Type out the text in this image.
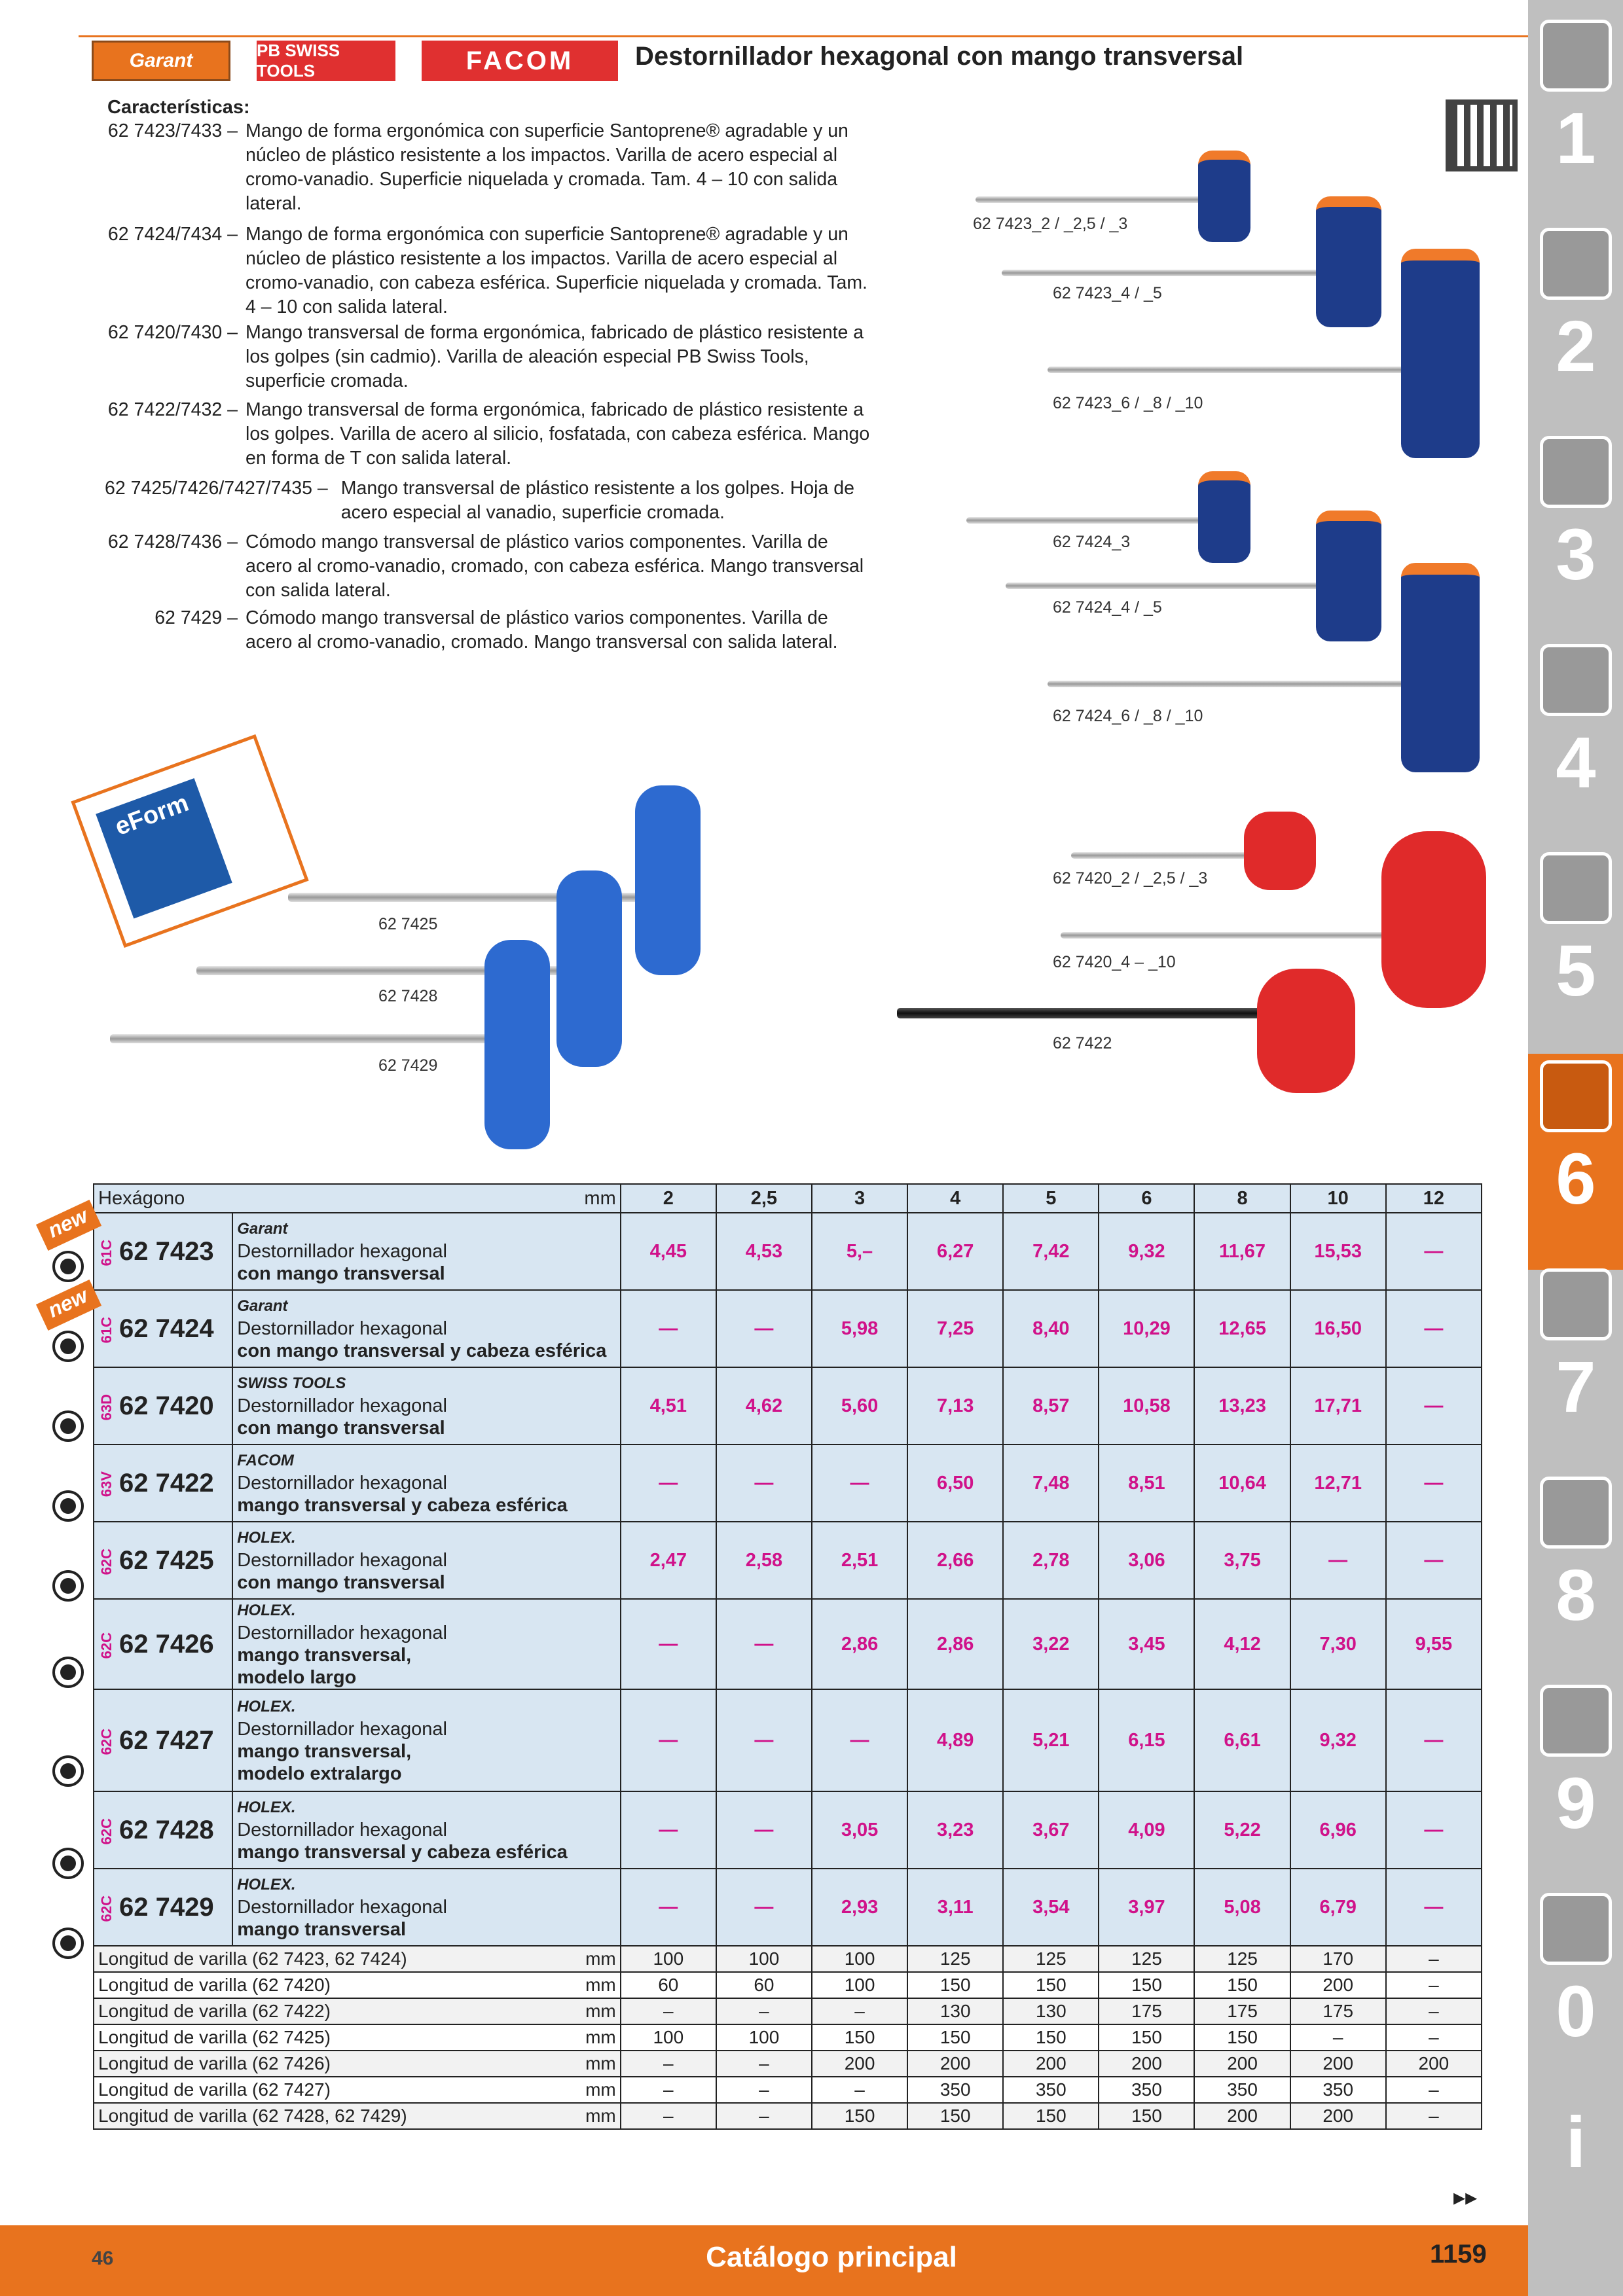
Garant	PB SWISS TOOLS	FACOM Destornillador hexagonal con mango transversal
Características:
62 7423/7433 – Mango de forma ergonómica con superficie Santoprene® agradable y un núcleo de plástico resistente a los impactos. Varilla de acero especial al cromo-vanadio. Superficie niquelada y cromada. Tam. 4 – 10 con salida lateral.
62 7424/7434 – Mango de forma ergonómica con superficie Santoprene® agradable y un núcleo de plástico resistente a los impactos. Varilla de acero especial al cromo-vanadio, con cabeza esférica. Superficie niquelada y cromada. Tam. 4 – 10 con salida lateral.
62 7420/7430 – Mango transversal de forma ergonómica, fabricado de plástico resistente a los golpes (sin cadmio). Varilla de aleación especial PB Swiss Tools, superficie cromada.
62 7422/7432 – Mango transversal de forma ergonómica, fabricado de plástico resistente a los golpes. Varilla de acero al silicio, fosfatada, con cabeza esférica. Mango en forma de T con salida lateral.
62 7425/7426/7427/7435 – Mango transversal de plástico resistente a los golpes. Hoja de acero especial al vanadio, superficie cromada.
62 7428/7436 – Cómodo mango transversal de plástico varios componentes. Varilla de acero al cromo-vanadio, cromado, con cabeza esférica. Mango transversal con salida lateral.
62 7429 – Cómodo mango transversal de plástico varios componentes. Varilla de acero al cromo-vanadio, cromado. Mango transversal con salida lateral.
62 7423_2 / _2,5 / _3
62 7423_4 / _5
62 7423_6 / _8 / _10
62 7424_3
62 7424_4 / _5
62 7424_6 / _8 / _10
62 7420_2 / _2,5 / _3
62 7420_4 – _10
62 7422
62 7425
62 7428
62 7429
eForm
Hexágono mm		2	2,5	3	4	5	6	8	10	12
61C 62 7423	Garant
Destornillador hexagonal
con mango transversal	4,45	4,53	5,–	6,27	7,42	9,32	11,67	15,53	—
61C 62 7424	Garant
Destornillador hexagonal
con mango transversal y cabeza esférica	—	—	5,98	7,25	8,40	10,29	12,65	16,50	—
63D 62 7420	SWISS TOOLS
Destornillador hexagonal
con mango transversal	4,51	4,62	5,60	7,13	8,57	10,58	13,23	17,71	—
63V 62 7422	FACOM
Destornillador hexagonal
mango transversal y cabeza esférica	—	—	—	6,50	7,48	8,51	10,64	12,71	—
62C 62 7425	HOLEX.
Destornillador hexagonal
con mango transversal	2,47	2,58	2,51	2,66	2,78	3,06	3,75	—	—
62C 62 7426	HOLEX.
Destornillador hexagonal
mango transversal,
modelo largo	—	—	2,86	2,86	3,22	3,45	4,12	7,30	9,55
62C 62 7427	HOLEX.
Destornillador hexagonal
mango transversal,
modelo extralargo	—	—	—	4,89	5,21	6,15	6,61	9,32	—
62C 62 7428	HOLEX.
Destornillador hexagonal
mango transversal y cabeza esférica	—	—	3,05	3,23	3,67	4,09	5,22	6,96	—
62C 62 7429	HOLEX.
Destornillador hexagonal
mango transversal	—	—	2,93	3,11	3,54	3,97	5,08	6,79	—
Longitud de varilla (62 7423, 62 7424) mm		100	100	100	125	125	125	125	170	–
Longitud de varilla (62 7420) mm		60	60	100	150	150	150	150	200	–
Longitud de varilla (62 7422) mm		–	–	–	130	130	175	175	175	–
Longitud de varilla (62 7425) mm		100	100	150	150	150	150	150	–	–
Longitud de varilla (62 7426) mm		–	–	200	200	200	200	200	200	200
Longitud de varilla (62 7427) mm		–	–	–	350	350	350	350	350	–
Longitud de varilla (62 7428, 62 7429) mm		–	–	150	150	150	150	200	200	–
new
new
▸▸
1
2
3
4
5
6
7
8
9
0
i
46	Catálogo principal	1159
